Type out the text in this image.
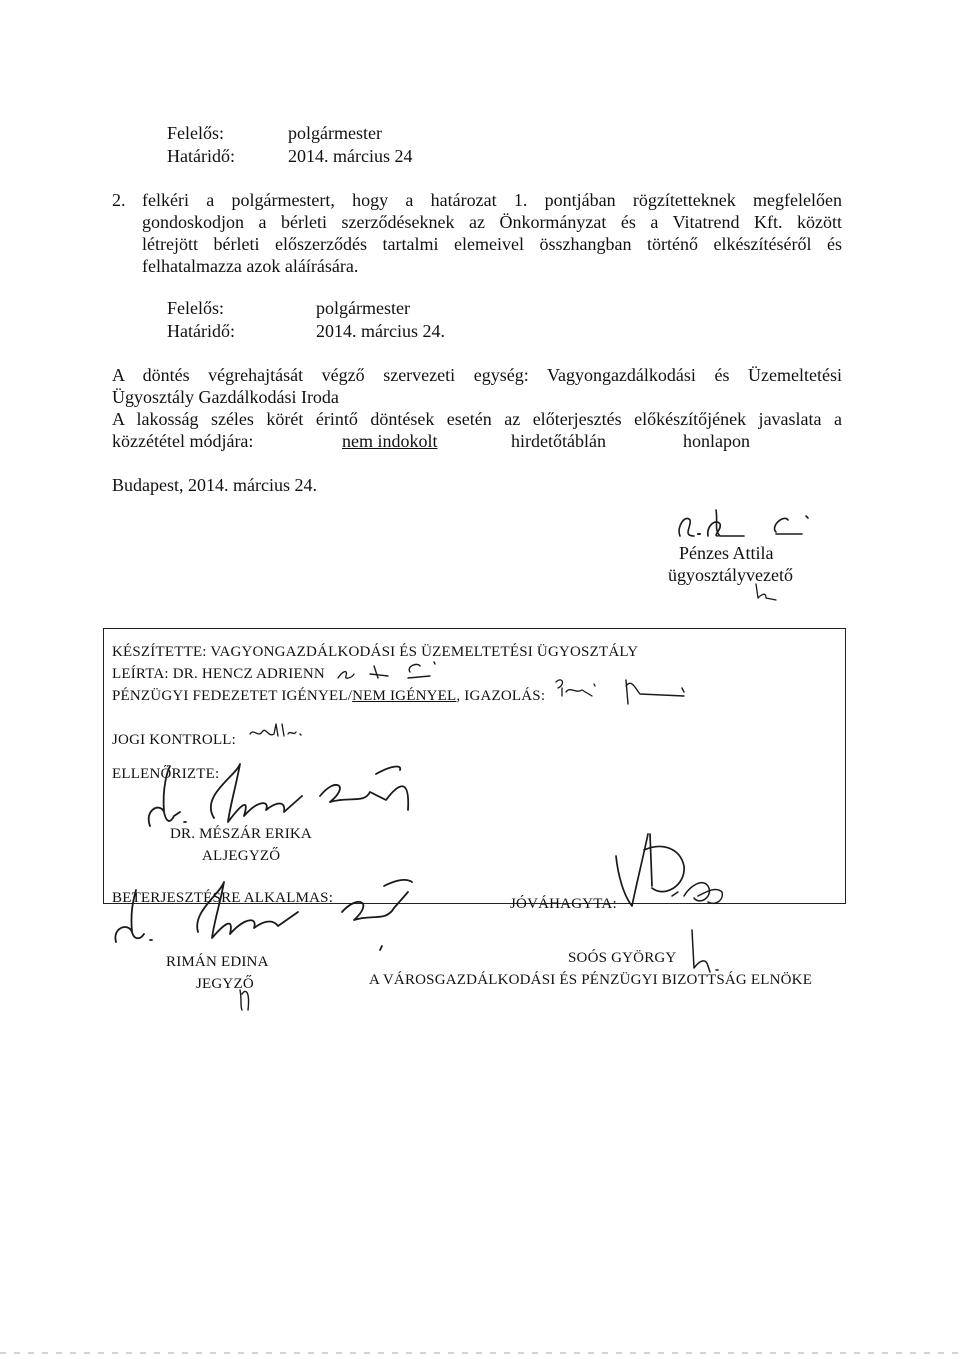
Felelős:	polgármester
Határidő:	2014. március 24
2. felkéri a polgármestert, hogy a határozat 1. pontjában rögzítetteknek megfelelően
gondoskodjon a bérleti szerződéseknek az Önkormányzat és a Vitatrend Kft. között
létrejött bérleti előszerződés tartalmi elemeivel összhangban történő elkészítéséről és
felhatalmazza azok aláírására.
Felelős:	polgármester
Határidő:	2014. március 24.
A döntés végrehajtását végző szervezeti egység: Vagyongazdálkodási és Üzemeltetési
Ügyosztály Gazdálkodási Iroda
A lakosság széles körét érintő döntések esetén az előterjesztés előkészítőjének javaslata a
közzététel módjára:	nem indokolt	hirdetőtáblán	honlapon
Budapest, 2014. március 24.
Pénzes Attila
ügyosztályvezető
KÉSZÍTETTE: VAGYONGAZDÁLKODÁSI ÉS ÜZEMELTETÉSI ÜGYOSZTÁLY
LEÍRTA: DR. HENCZ ADRIENN
PÉNZÜGYI FEDEZETET IGÉNYEL/NEM IGÉNYEL, IGAZOLÁS:
JOGI KONTROLL:
ELLENŐRIZTE:
DR. MÉSZÁR ERIKA
ALJEGYZŐ
BETERJESZTÉSRE ALKALMAS:
RIMÁN EDINA
JEGYZŐ
JÓVÁHAGYTA:
SOÓS GYÖRGY
A VÁROSGAZDÁLKODÁSI ÉS PÉNZÜGYI BIZOTTSÁG ELNÖKE
